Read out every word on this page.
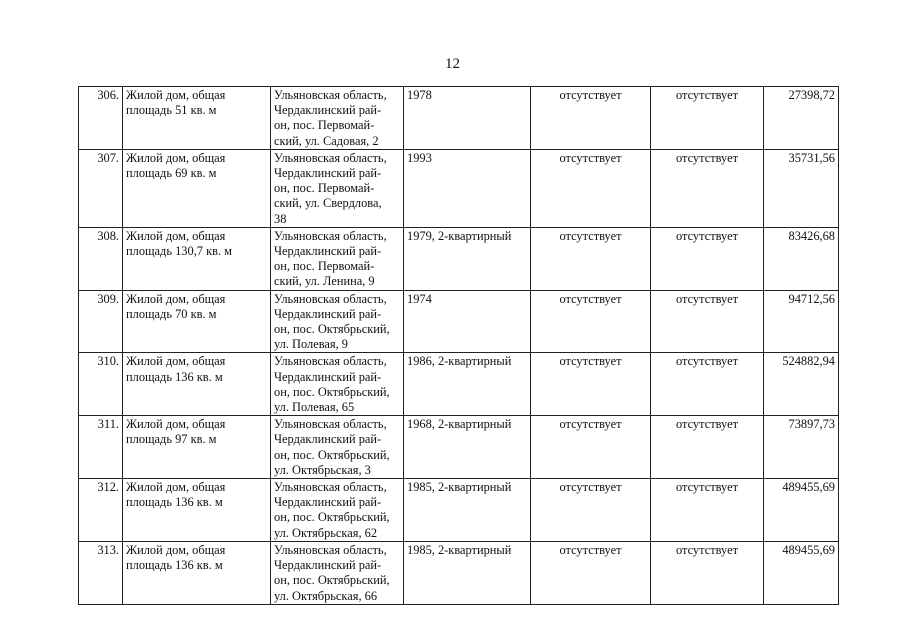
12
306.	Жилой дом, общая
площадь 51 кв. м	Ульяновская область,
Чердаклинский рай-
он, пос. Первомай-
ский, ул. Садовая, 2	1978	отсутствует	отсутствует	27398,72
307.	Жилой дом, общая
площадь 69 кв. м	Ульяновская область,
Чердаклинский рай-
он, пос. Первомай-
ский, ул. Свердлова,
38	1993	отсутствует	отсутствует	35731,56
308.	Жилой дом, общая
площадь 130,7 кв. м	Ульяновская область,
Чердаклинский рай-
он, пос. Первомай-
ский, ул. Ленина, 9	1979, 2-квартирный	отсутствует	отсутствует	83426,68
309.	Жилой дом, общая
площадь 70 кв. м	Ульяновская область,
Чердаклинский рай-
он, пос. Октябрьский,
ул. Полевая, 9	1974	отсутствует	отсутствует	94712,56
310.	Жилой дом, общая
площадь 136 кв. м	Ульяновская область,
Чердаклинский рай-
он, пос. Октябрьский,
ул. Полевая, 65	1986, 2-квартирный	отсутствует	отсутствует	524882,94
311.	Жилой дом, общая
площадь 97 кв. м	Ульяновская область,
Чердаклинский рай-
он, пос. Октябрьский,
ул. Октябрьская, 3	1968, 2-квартирный	отсутствует	отсутствует	73897,73
312.	Жилой дом, общая
площадь 136 кв. м	Ульяновская область,
Чердаклинский рай-
он, пос. Октябрьский,
ул. Октябрьская, 62	1985, 2-квартирный	отсутствует	отсутствует	489455,69
313.	Жилой дом, общая
площадь 136 кв. м	Ульяновская область,
Чердаклинский рай-
он, пос. Октябрьский,
ул. Октябрьская, 66	1985, 2-квартирный	отсутствует	отсутствует	489455,69
